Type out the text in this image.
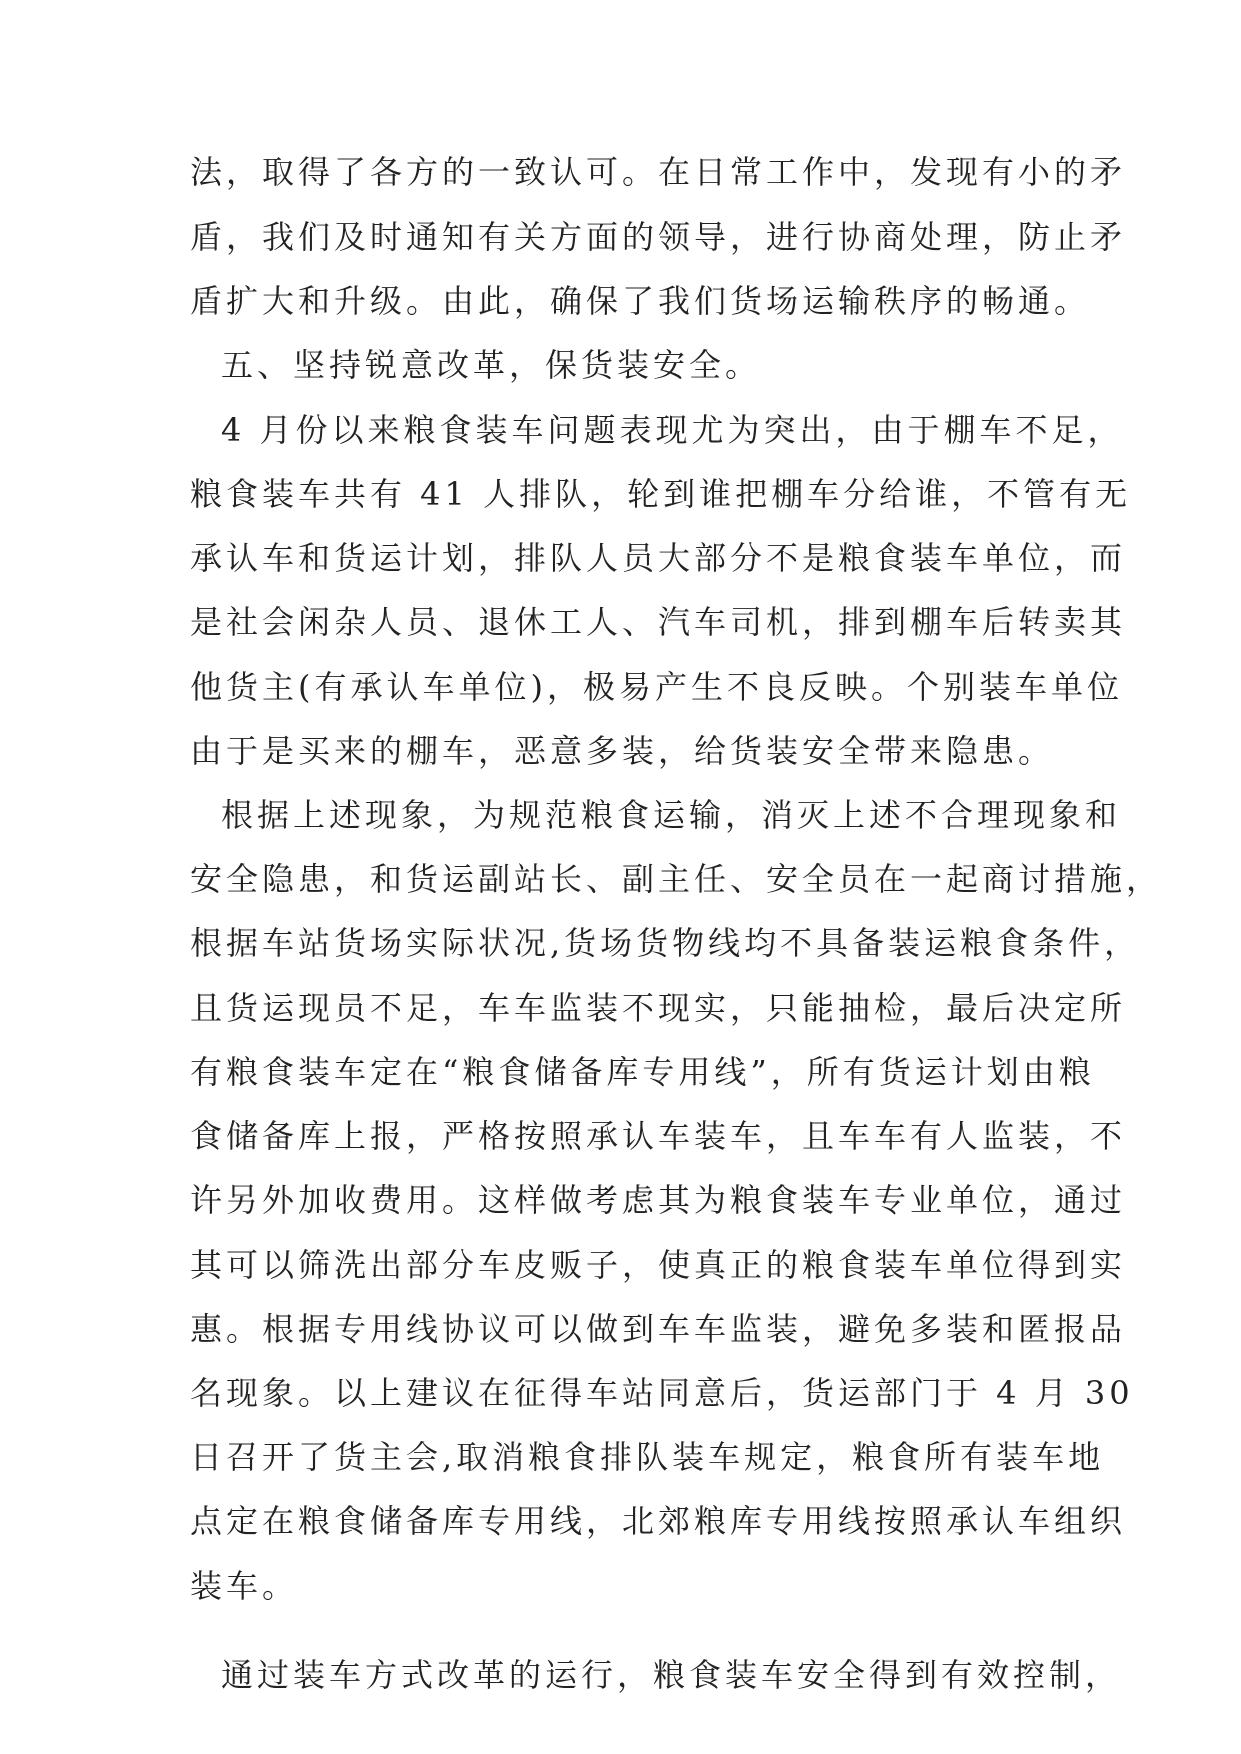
法，取得了各方的一致认可。在日常工作中，发现有小的矛
盾，我们及时通知有关方面的领导，进行协商处理，防止矛
盾扩大和升级。由此，确保了我们货场运输秩序的畅通。
五、坚持锐意改革，保货装安全。
4 月份以来粮食装车问题表现尤为突出，由于棚车不足，
粮食装车共有 41 人排队，轮到谁把棚车分给谁，不管有无
承认车和货运计划，排队人员大部分不是粮食装车单位，而
是社会闲杂人员、退休工人、汽车司机，排到棚车后转卖其
他货主(有承认车单位)，极易产生不良反映。个别装车单位
由于是买来的棚车，恶意多装，给货装安全带来隐患。
根据上述现象，为规范粮食运输，消灭上述不合理现象和
安全隐患，和货运副站长、副主任、安全员在一起商讨措施，
根据车站货场实际状况,货场货物线均不具备装运粮食条件，
且货运现员不足，车车监装不现实，只能抽检，最后决定所
有粮食装车定在“粮食储备库专用线”，所有货运计划由粮
食储备库上报，严格按照承认车装车，且车车有人监装，不
许另外加收费用。这样做考虑其为粮食装车专业单位，通过
其可以筛洗出部分车皮贩子，使真正的粮食装车单位得到实
惠。根据专用线协议可以做到车车监装，避免多装和匿报品
名现象。以上建议在征得车站同意后，货运部门于 4 月 30
日召开了货主会,取消粮食排队装车规定，粮食所有装车地
点定在粮食储备库专用线，北郊粮库专用线按照承认车组织
装车。
通过装车方式改革的运行，粮食装车安全得到有效控制，
